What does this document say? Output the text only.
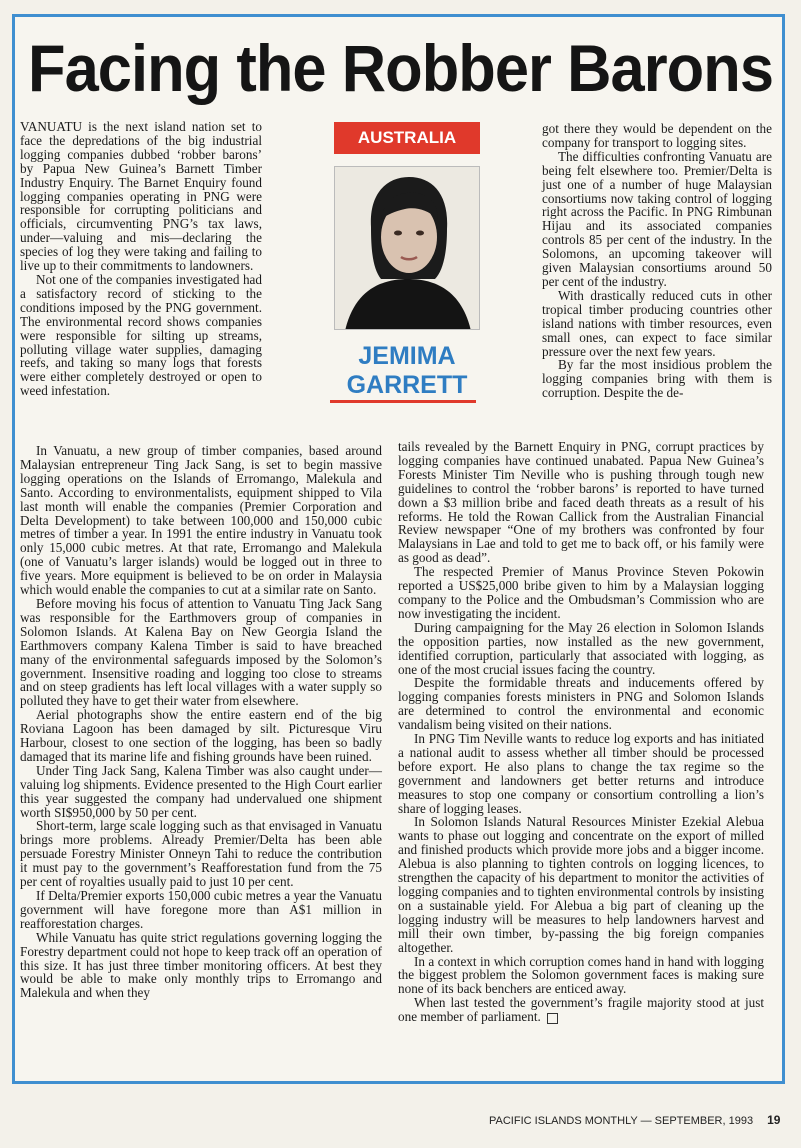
Facing the Robber Barons

VANUATU is the next island nation set to face the depredations of the big industrial logging companies dubbed ‘robber barons’ by Papua New Guinea’s Barnett Timber Industry Enquiry. The Barnet Enquiry found logging companies operating in PNG were responsible for corrupting politicians and officials, circumventing PNG’s tax laws, under—valuing and mis—declaring the species of log they were taking and failing to live up to their commitments to landowners.

Not one of the companies investigated had a satisfactory record of sticking to the conditions imposed by the PNG government. The environmental record shows companies were responsible for silting up streams, polluting village water supplies, damaging reefs, and taking so many logs that forests were either completely destroyed or open to weed infestation.

AUSTRALIA
JEMIMA GARRETT

got there they would be dependent on the company for transport to logging sites.

The difficulties confronting Vanuatu are being felt elsewhere too. Premier/Delta is just one of a number of huge Malaysian consortiums now taking control of logging right across the Pacific. In PNG Rimbunan Hijau and its associated companies controls 85 per cent of the industry. In the Solomons, an upcoming takeover will given Malaysian consortiums around 50 per cent of the industry.

With drastically reduced cuts in other tropical timber producing countries other island nations with timber resources, even small ones, can expect to face similar pressure over the next few years.

By far the most insidious problem the logging companies bring with them is corruption. Despite the de-

In Vanuatu, a new group of timber companies, based around Malaysian entrepreneur Ting Jack Sang, is set to begin massive logging operations on the Islands of Erromango, Malekula and Santo. According to environmentalists, equipment shipped to Vila last month will enable the companies (Premier Corporation and Delta Development) to take between 100,000 and 150,000 cubic metres of timber a year. In 1991 the entire industry in Vanuatu took only 15,000 cubic metres. At that rate, Erromango and Malekula (one of Vanuatu’s larger islands) would be logged out in three to five years. More equipment is believed to be on order in Malaysia which would enable the companies to cut at a similar rate on Santo.

Before moving his focus of attention to Vanuatu Ting Jack Sang was responsible for the Earthmovers group of companies in Solomon Islands. At Kalena Bay on New Georgia Island the Earthmovers company Kalena Timber is said to have breached many of the environmental safeguards imposed by the Solomon’s government. Insensitive roading and logging too close to streams and on steep gradients has left local villages with a water supply so polluted they have to get their water from elsewhere.

Aerial photographs show the entire eastern end of the big Roviana Lagoon has been damaged by silt. Picturesque Viru Harbour, closest to one section of the logging, has been so badly damaged that its marine life and fishing grounds have been ruined.

Under Ting Jack Sang, Kalena Timber was also caught under—valuing log shipments. Evidence presented to the High Court earlier this year suggested the company had undervalued one shipment worth SI$950,000 by 50 per cent.

Short-term, large scale logging such as that envisaged in Vanuatu brings more problems. Already Premier/Delta has been able persuade Forestry Minister Onneyn Tahi to reduce the contribution it must pay to the government’s Reafforestation fund from the 75 per cent of royalties usually paid to just 10 per cent.

If Delta/Premier exports 150,000 cubic metres a year the Vanuatu government will have foregone more than A$1 million in reafforestation charges.

While Vanuatu has quite strict regulations governing logging the Forestry department could not hope to keep track off an operation of this size. It has just three timber monitoring officers. At best they would be able to make only monthly trips to Erromango and Malekula and when they

tails revealed by the Barnett Enquiry in PNG, corrupt practices by logging companies have continued unabated. Papua New Guinea’s Forests Minister Tim Neville who is pushing through tough new guidelines to control the ‘robber barons’ is reported to have turned down a $3 million bribe and faced death threats as a result of his reforms. He told the Rowan Callick from the Australian Financial Review newspaper “One of my brothers was confronted by four Malaysians in Lae and told to get me to back off, or his family were as good as dead”.

The respected Premier of Manus Province Steven Pokowin reported a US$25,000 bribe given to him by a Malaysian logging company to the Police and the Ombudsman’s Commission who are now investigating the incident.

During campaigning for the May 26 election in Solomon Islands the opposition parties, now installed as the new government, identified corruption, particularly that associated with logging, as one of the most crucial issues facing the country.

Despite the formidable threats and inducements offered by logging companies forests ministers in PNG and Solomon Islands are determined to control the environmental and economic vandalism being visited on their nations.

In PNG Tim Neville wants to reduce log exports and has initiated a national audit to assess whether all timber should be processed before export. He also plans to change the tax regime so the government and landowners get better returns and introduce measures to stop one company or consortium controlling a lion’s share of logging leases.

In Solomon Islands Natural Resources Minister Ezekial Alebua wants to phase out logging and concentrate on the export of milled and finished products which provide more jobs and a bigger income. Alebua is also planning to tighten controls on logging licences, to strengthen the capacity of his department to monitor the activities of logging companies and to tighten environmental controls by insisting on a sustainable yield. For Alebua a big part of cleaning up the logging industry will be measures to help landowners harvest and mill their own timber, by-passing the big foreign companies altogether.

In a context in which corruption comes hand in hand with logging the biggest problem the Solomon government faces is making sure none of its back benchers are enticed away.

When last tested the government’s fragile majority stood at just one member of parliament.

PACIFIC ISLANDS MONTHLY — SEPTEMBER, 1993 19
